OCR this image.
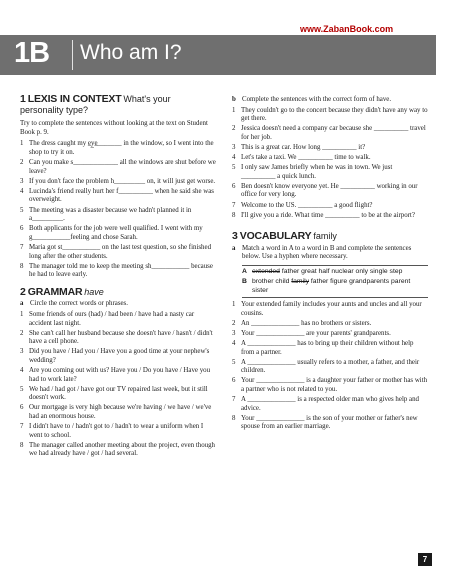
www.ZabanBook.com
1B Who am I?
1 LEXIS IN CONTEXT What's your personality type?
Try to complete the sentences without looking at the text on Student Book p. 9.
1 The dress caught my e̲y̲e̲_______ in the window, so I went into the shop to try it on.
2 Can you make s_____________ all the windows are shut before we leave?
3 If you don't face the problem h_________ on, it will just get worse.
4 Lucinda's friend really hurt her f__________ when he said she was overweight.
5 The meeting was a disaster because we hadn't planned it in a_________.
6 Both applicants for the job were well qualified. I went with my g___________feeling and chose Sarah.
7 Maria got st___________ on the last test question, so she finished long after the other students.
8 The manager told me to keep the meeting sh___________ because he had to leave early.
2 GRAMMAR have
a Circle the correct words or phrases.
1 Some friends of ours (had) / had been / have had a nasty car accident last night.
2 She can't call her husband because she doesn't have / hasn't / didn't have a cell phone.
3 Did you have / Had you / Have you a good time at your nephew's wedding?
4 Are you coming out with us? Have you / Do you have / Have you had to work late?
5 We had / had got / have got our TV repaired last week, but it still doesn't work.
6 Our mortgage is very high because we're having / we have / we've had an enormous house.
7 I didn't have to / hadn't got to / hadn't to wear a uniform when I went to school.
8 The manager called another meeting about the project, even though we had already have / got / had several.
b Complete the sentences with the correct form of have.
1 They couldn't go to the concert because they didn't have any way to get there.
2 Jessica doesn't need a company car because she __________ travel for her job.
3 This is a great car. How long __________ it?
4 Let's take a taxi. We __________ time to walk.
5 I only saw James briefly when he was in town. We just __________ a quick lunch.
6 Ben doesn't know everyone yet. He __________ working in our office for very long.
7 Welcome to the US. __________ a good flight?
8 I'll give you a ride. What time __________ to be at the airport?
3 VOCABULARY family
a Match a word in A to a word in B and complete the sentences below. Use a hyphen where necessary.
A extended father great half nuclear only single step
B brother child family father figure grandparents parent sister
1 Your extended family includes your aunts and uncles and all your cousins.
2 An ______________ has no brothers or sisters.
3 Your ______________ are your parents' grandparents.
4 A ______________ has to bring up their children without help from a partner.
5 A ______________ usually refers to a mother, a father, and their children.
6 Your ______________ is a daughter your father or mother has with a partner who is not related to you.
7 A ______________ is a respected older man who gives help and advice.
8 Your ______________ is the son of your mother or father's new spouse from an earlier marriage.
7
